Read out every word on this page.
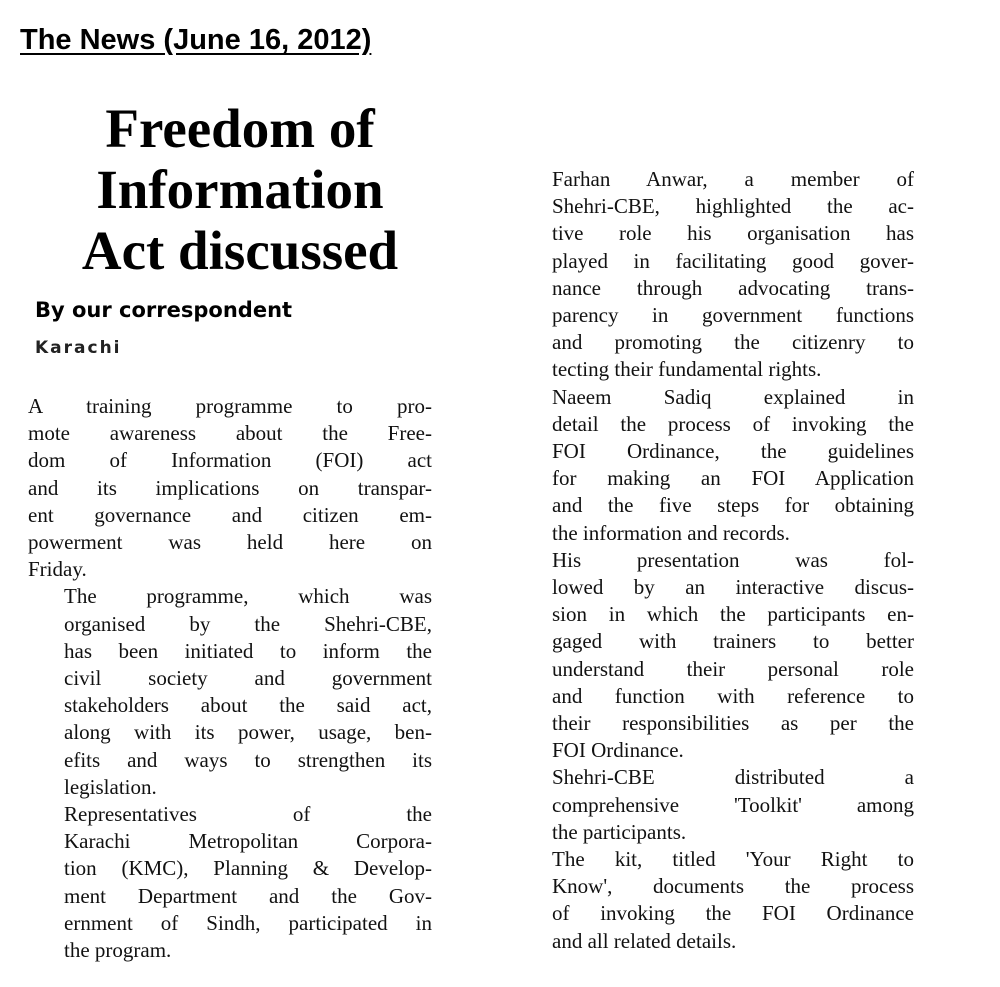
The News (June 16, 2012)
Freedom of
Information
Act discussed
By our correspondent
Karachi

A training programme to pro-
mote awareness about the Free-
dom of Information (FOI) act
and its implications on transpar-
ent governance and citizen em-
powerment was held here on
Friday.

The programme, which was
organised by the Shehri-CBE,
has been initiated to inform the
civil society and government
stakeholders about the said act,
along with its power, usage, ben-
efits and ways to strengthen its
legislation.

Representatives of the
Karachi Metropolitan Corpora-
tion (KMC), Planning & Develop-
ment Department and the Gov-
ernment of Sindh, participated in
the program.

Farhan Anwar, a member of
Shehri-CBE, highlighted the ac-
tive role his organisation has
played in facilitating good gover-
nance through advocating trans-
parency in government functions
and promoting the citizenry to
tecting their fundamental rights.

Naeem Sadiq explained in
detail the process of invoking the
FOI Ordinance, the guidelines
for making an FOI Application
and the five steps for obtaining
the information and records.

His presentation was fol-
lowed by an interactive discus-
sion in which the participants en-
gaged with trainers to better
understand their personal role
and function with reference to
their responsibilities as per the
FOI Ordinance.

Shehri-CBE distributed a
comprehensive 'Toolkit' among
the participants.

The kit, titled 'Your Right to
Know', documents the process
of invoking the FOI Ordinance
and all related details.
